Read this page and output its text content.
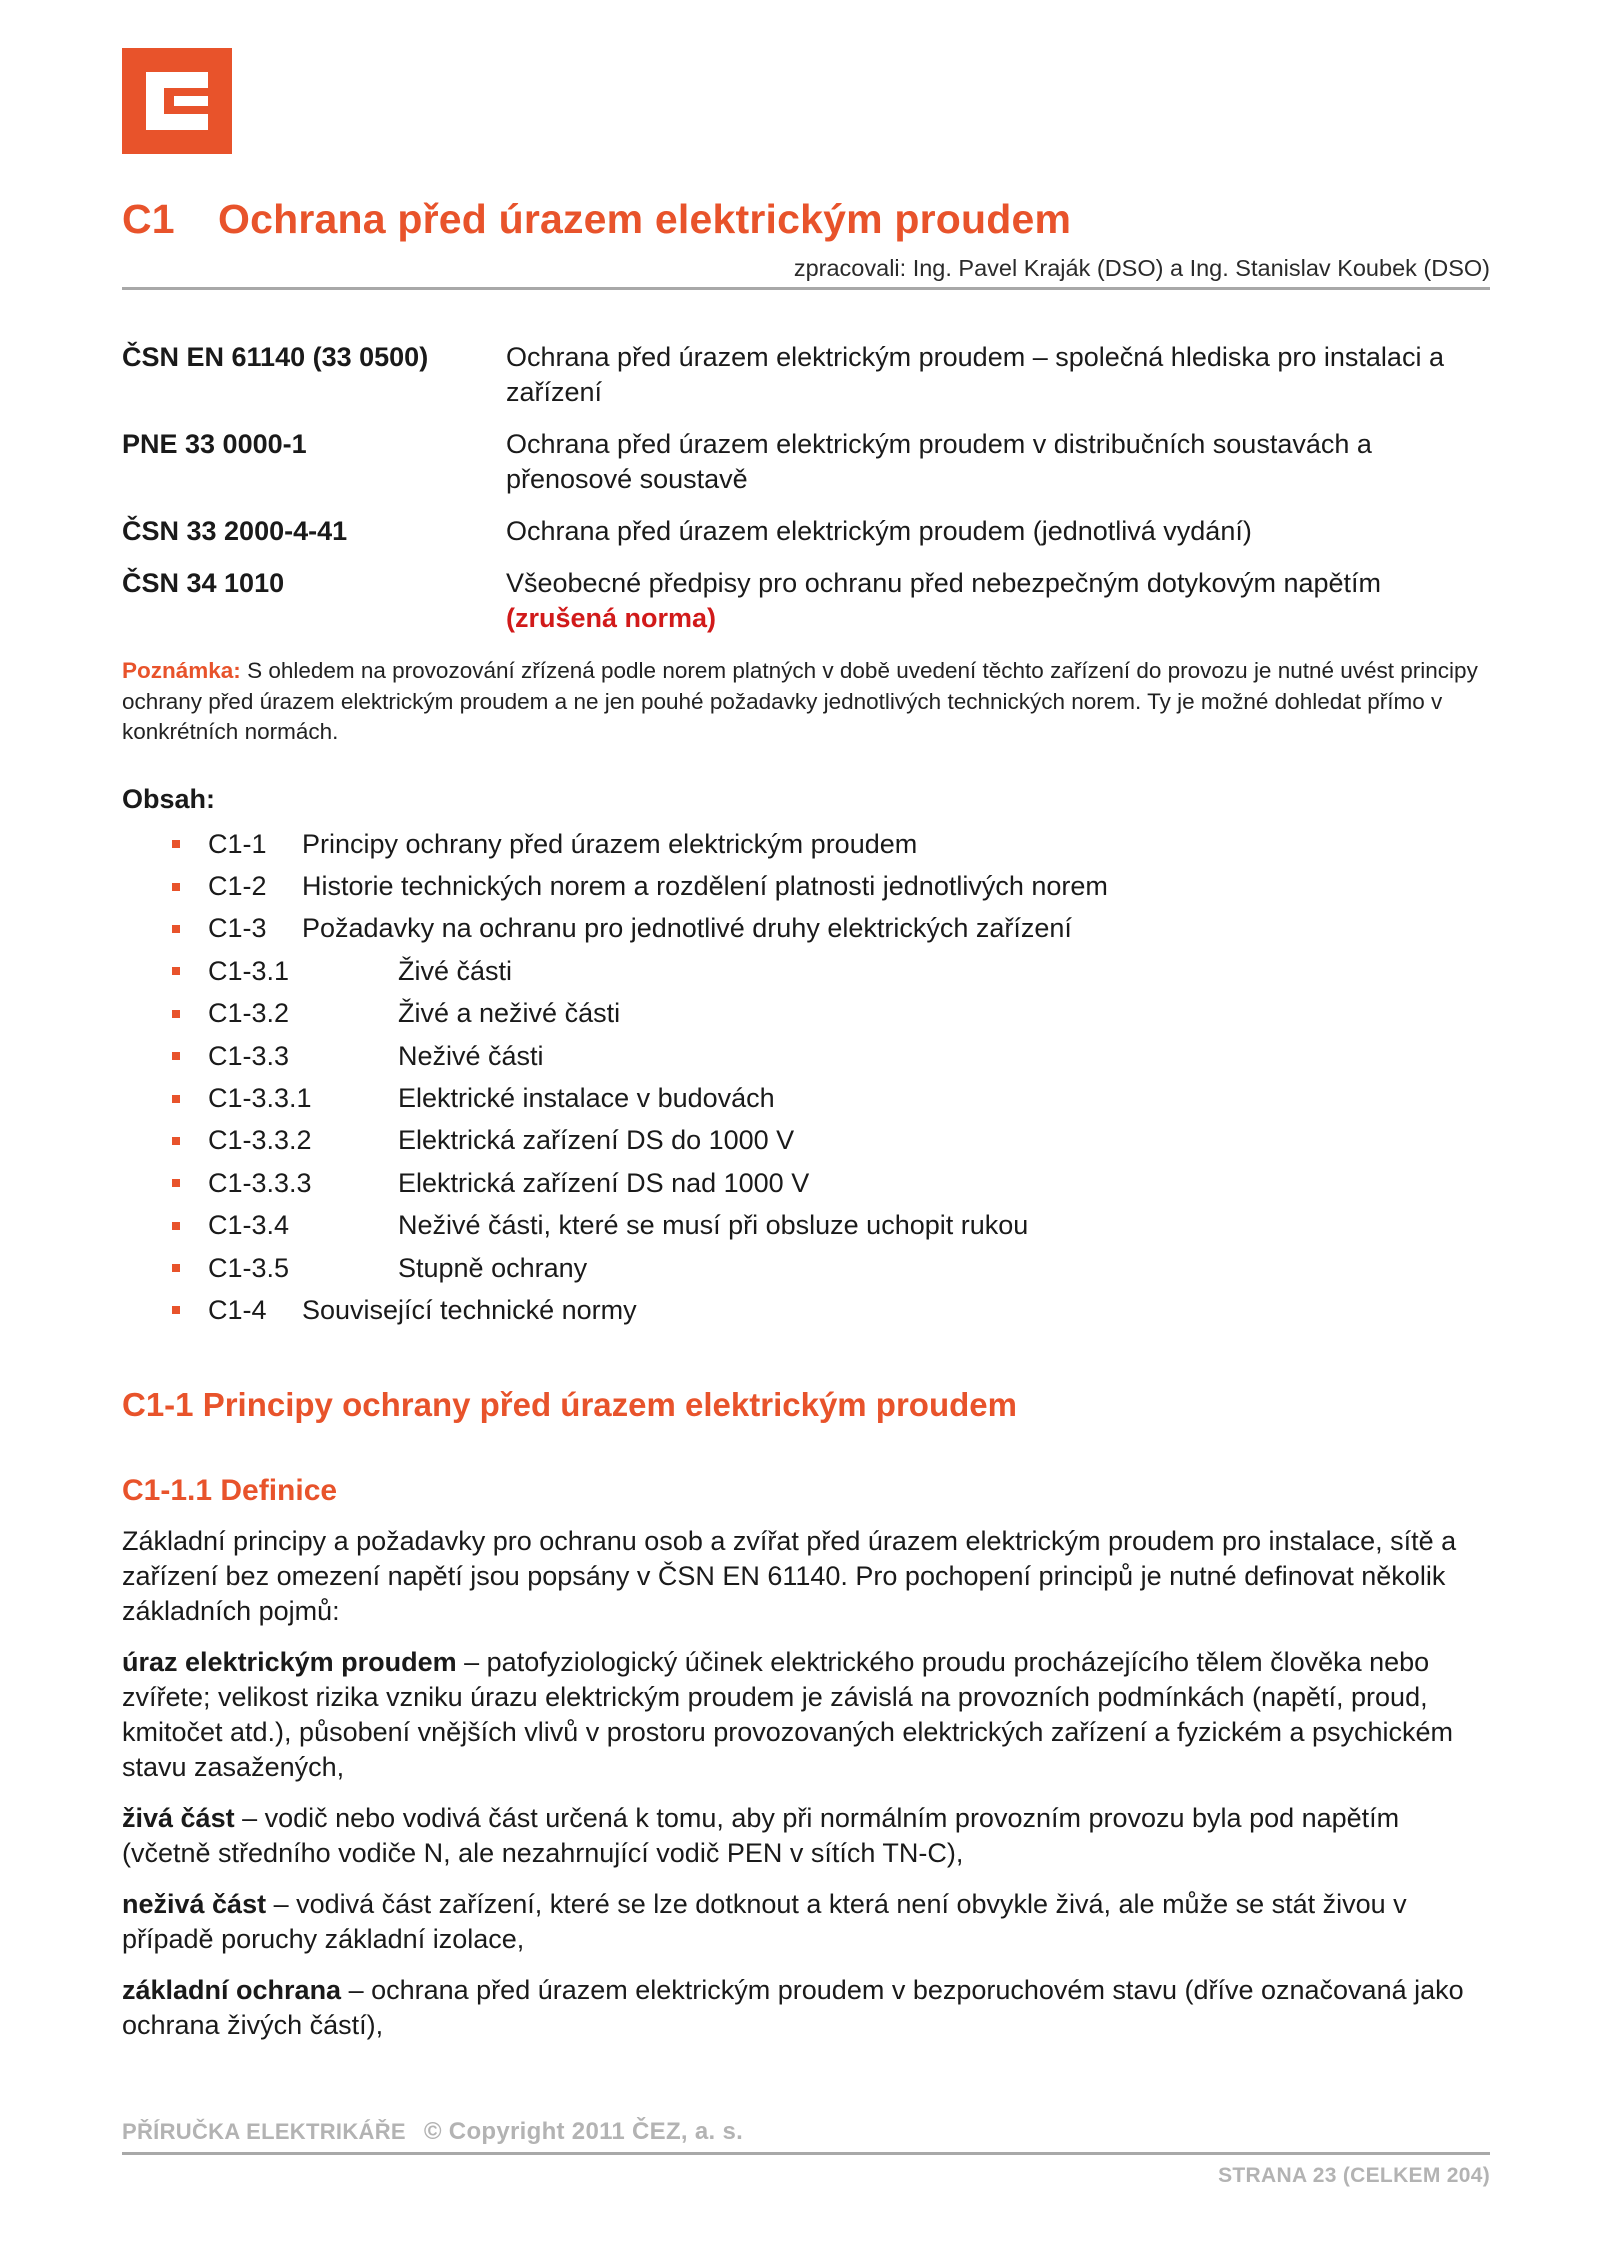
C1 Ochrana před úrazem elektrickým proudem
zpracovali: Ing. Pavel Kraják (DSO) a Ing. Stanislav Koubek (DSO)
ČSN EN 61140 (33 0500)	Ochrana před úrazem elektrickým proudem – společná hlediska pro instalaci a zařízení
PNE 33 0000-1	Ochrana před úrazem elektrickým proudem v distribučních soustavách a přenosové soustavě
ČSN 33 2000-4-41	Ochrana před úrazem elektrickým proudem (jednotlivá vydání)
ČSN 34 1010	Všeobecné předpisy pro ochranu před nebezpečným dotykovým napětím
(zrušená norma)
Poznámka: S ohledem na provozování zřízená podle norem platných v době uvedení těchto zařízení do provozu je nutné uvést principy ochrany před úrazem elektrickým proudem a ne jen pouhé požadavky jednotlivých technických norem. Ty je možné dohledat přímo v konkrétních normách.
Obsah:
C1-1	Principy ochrany před úrazem elektrickým proudem
C1-2	Historie technických norem a rozdělení platnosti jednotlivých norem
C1-3	Požadavky na ochranu pro jednotlivé druhy elektrických zařízení
C1-3.1	Živé části
C1-3.2	Živé a neživé části
C1-3.3	Neživé části
C1-3.3.1	Elektrické instalace v budovách
C1-3.3.2	Elektrická zařízení DS do 1000 V
C1-3.3.3	Elektrická zařízení DS nad 1000 V
C1-3.4	Neživé části, které se musí při obsluze uchopit rukou
C1-3.5	Stupně ochrany
C1-4	Související technické normy
C1-1 Principy ochrany před úrazem elektrickým proudem
C1-1.1 Definice

Základní principy a požadavky pro ochranu osob a zvířat před úrazem elektrickým proudem pro instalace, sítě a zařízení bez omezení napětí jsou popsány v ČSN EN 61140. Pro pochopení principů je nutné definovat několik základních pojmů:

úraz elektrickým proudem – patofyziologický účinek elektrického proudu procházejícího tělem člověka nebo zvířete; velikost rizika vzniku úrazu elektrickým proudem je závislá na provozních podmínkách (napětí, proud, kmitočet atd.), působení vnějších vlivů v prostoru provozovaných elektrických zařízení a fyzickém a psychickém stavu zasažených,

živá část – vodič nebo vodivá část určená k tomu, aby při normálním provozním provozu byla pod napětím (včetně středního vodiče N, ale nezahrnující vodič PEN v sítích TN-C),

neživá část – vodivá část zařízení, které se lze dotknout a která není obvykle živá, ale může se stát živou v případě poruchy základní izolace,

základní ochrana – ochrana před úrazem elektrickým proudem v bezporuchovém stavu (dříve označovaná jako ochrana živých částí),

PŘÍRUČKA ELEKTRIKÁŘE © Copyright 2011 ČEZ, a. s.
STRANA 23 (CELKEM 204)
